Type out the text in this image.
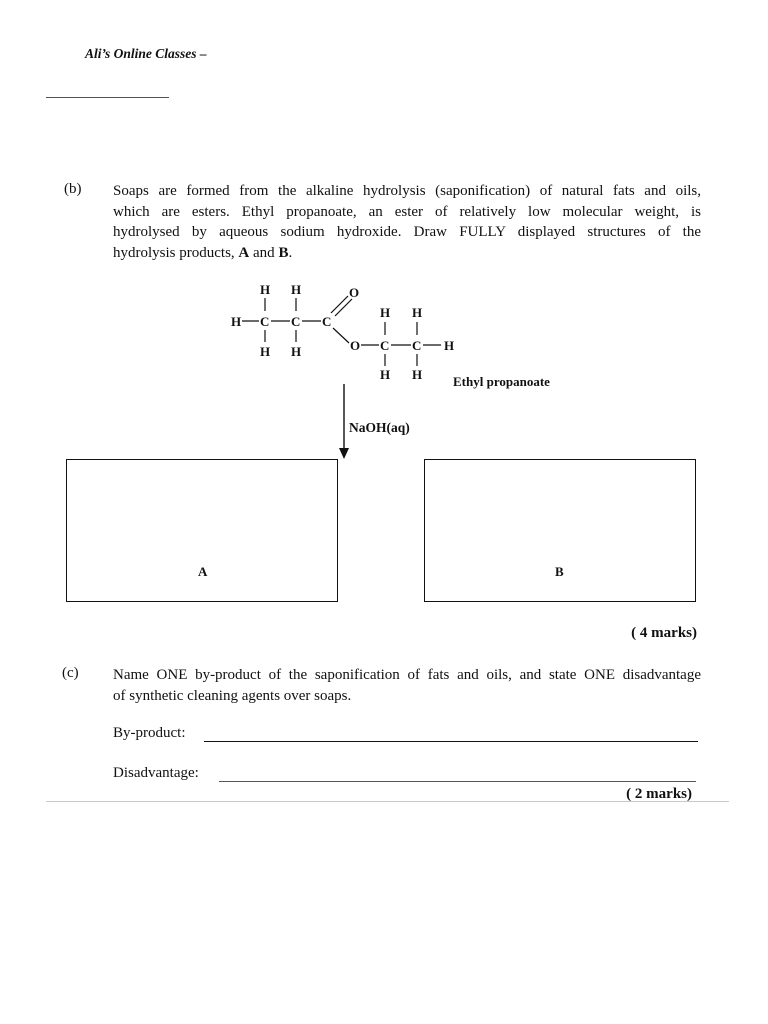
Ali’s Online Classes –
(b) Soaps are formed from the alkaline hydrolysis (saponification) of natural fats and oils,
which are esters. Ethyl propanoate, an ester of relatively low molecular weight, is
hydrolysed by aqueous sodium hydroxide. Draw FULLY displayed structures of the
hydrolysis products, A and B.
H H
H C C C
H H
O
O
H H
C C H
H H Ethyl propanoate
NaOH(aq)
A	B
( 4 marks)
(c) Name ONE by-product of the saponification of fats and oils, and state ONE disadvantage
of synthetic cleaning agents over soaps.
By-product:
Disadvantage:
( 2 marks)
